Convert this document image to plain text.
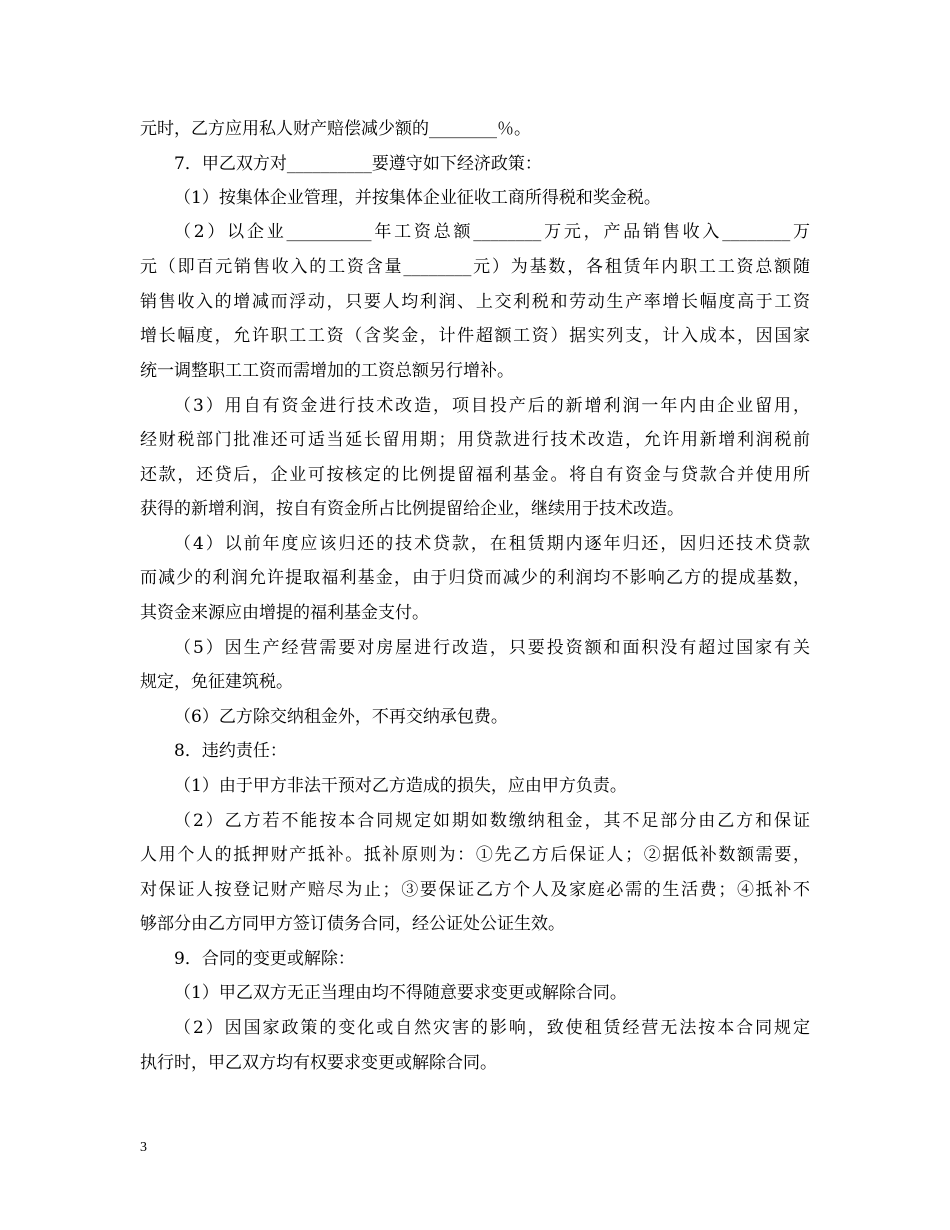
元时，乙方应用私人财产赔偿减少额的________％。
7．甲乙双方对__________要遵守如下经济政策：
（1）按集体企业管理，并按集体企业征收工商所得税和奖金税。
（2）以企业__________年工资总额________万元，产品销售收入________万
元（即百元销售收入的工资含量________元）为基数，各租赁年内职工工资总额随
销售收入的增减而浮动，只要人均利润、上交利税和劳动生产率增长幅度高于工资
增长幅度，允许职工工资（含奖金，计件超额工资）据实列支，计入成本，因国家
统一调整职工工资而需增加的工资总额另行增补。
（3）用自有资金进行技术改造，项目投产后的新增利润一年内由企业留用，
经财税部门批准还可适当延长留用期；用贷款进行技术改造，允许用新增利润税前
还款，还贷后，企业可按核定的比例提留福利基金。将自有资金与贷款合并使用所
获得的新增利润，按自有资金所占比例提留给企业，继续用于技术改造。
（4）以前年度应该归还的技术贷款，在租赁期内逐年归还，因归还技术贷款
而减少的利润允许提取福利基金，由于归贷而减少的利润均不影响乙方的提成基数，
其资金来源应由增提的福利基金支付。
（5）因生产经营需要对房屋进行改造，只要投资额和面积没有超过国家有关
规定，免征建筑税。
（6）乙方除交纳租金外，不再交纳承包费。
8．违约责任：
（1）由于甲方非法干预对乙方造成的损失，应由甲方负责。
（2）乙方若不能按本合同规定如期如数缴纳租金，其不足部分由乙方和保证
人用个人的抵押财产抵补。抵补原则为：①先乙方后保证人；②据低补数额需要，
对保证人按登记财产赔尽为止；③要保证乙方个人及家庭必需的生活费；④抵补不
够部分由乙方同甲方签订债务合同，经公证处公证生效。
9．合同的变更或解除：
（1）甲乙双方无正当理由均不得随意要求变更或解除合同。
（2）因国家政策的变化或自然灾害的影响，致使租赁经营无法按本合同规定
执行时，甲乙双方均有权要求变更或解除合同。
3
